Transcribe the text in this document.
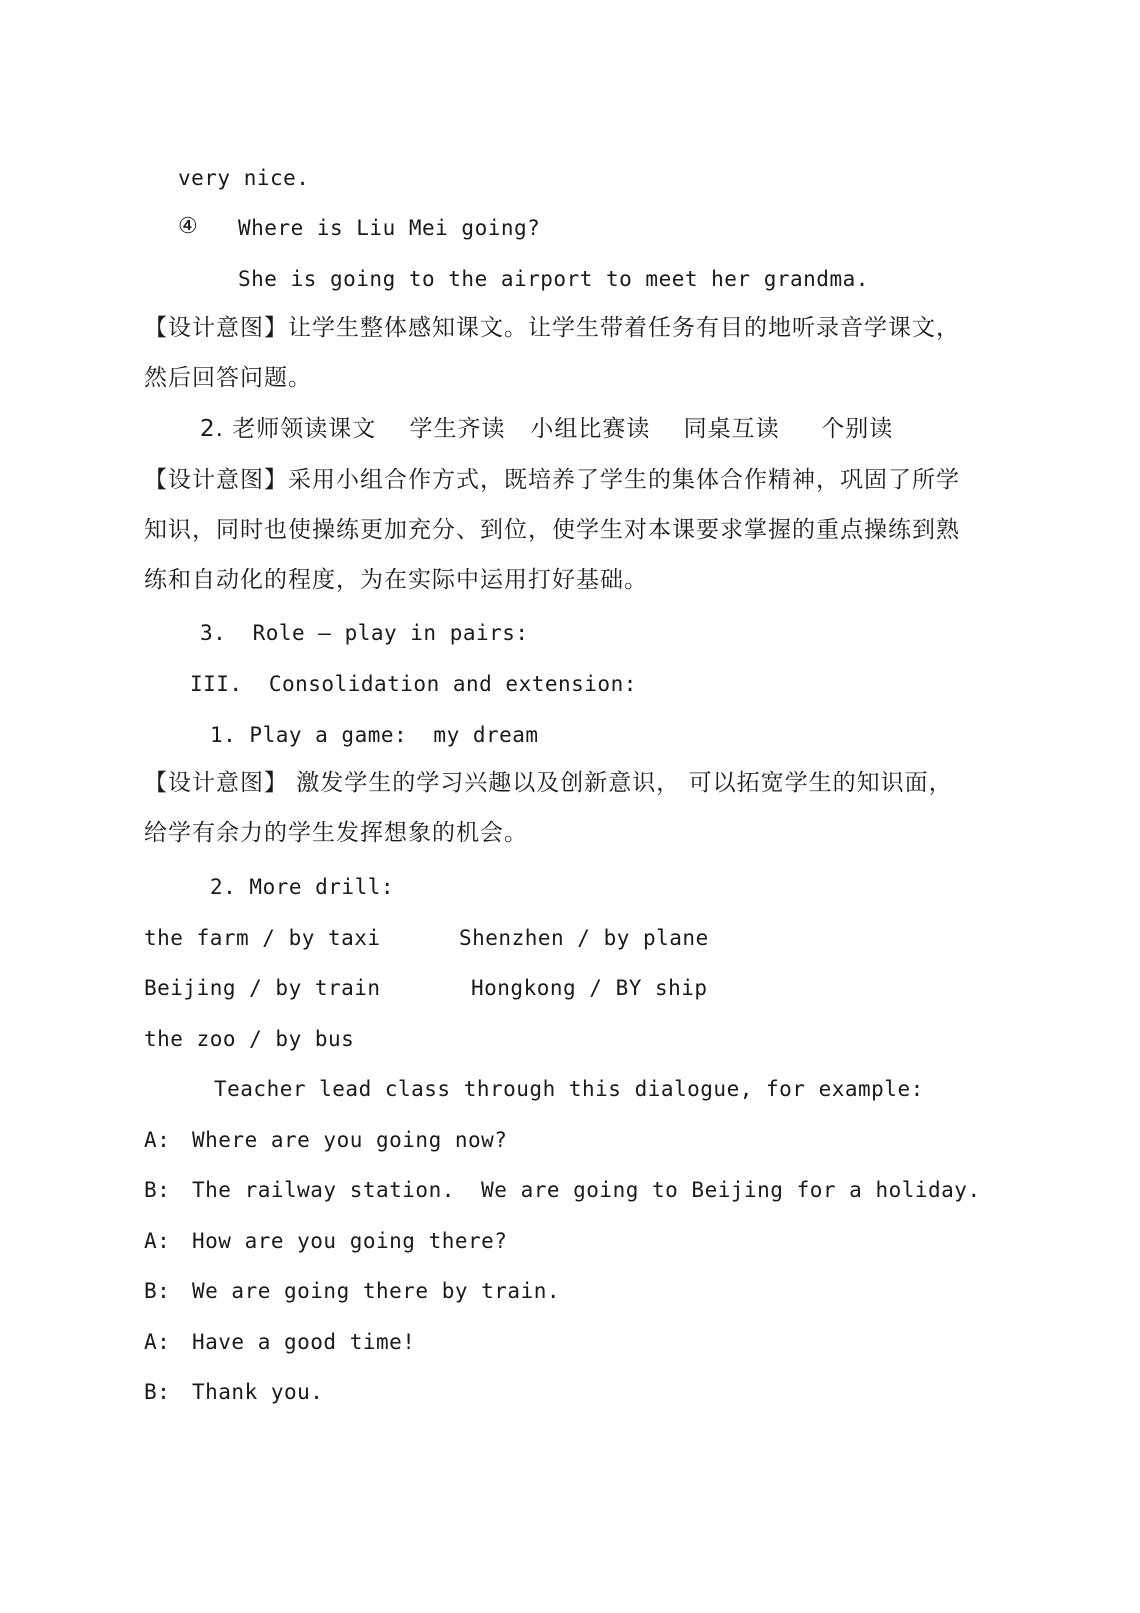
very nice.
④ Where is Liu Mei going?
She is going to the airport to meet her grandma.
【设计意图】让学生整体感知课文。让学生带着任务有目的地听录音学课文，
然后回答问题。
2. 老师领读课文    学生齐读   小组比赛读    同桌互读     个别读
【设计意图】采用小组合作方式，既培养了学生的集体合作精神，巩固了所学
知识，同时也使操练更加充分、到位，使学生对本课要求掌握的重点操练到熟
练和自动化的程度，为在实际中运用打好基础。
3.  Role – play in pairs:
III.  Consolidation and extension:
1. Play a game:  my dream
【设计意图】 激发学生的学习兴趣以及创新意识， 可以拓宽学生的知识面，
给学有余力的学生发挥想象的机会。
2. More drill:
the farm / by taxi	Shenzhen / by plane
Beijing / by train	Hongkong / BY ship
the zoo / by bus
Teacher lead class through this dialogue, for example:
A: Where are you going now?
B: The railway station.  We are going to Beijing for a holiday.
A: How are you going there?
B: We are going there by train.
A: Have a good time!
B: Thank you.
